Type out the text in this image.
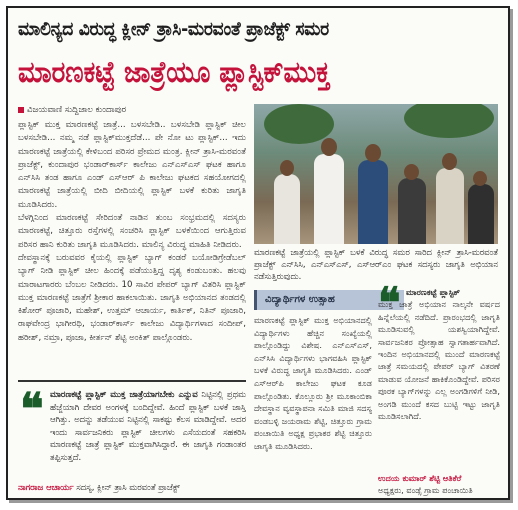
ಮಾಲಿನ್ಯದ ವಿರುದ್ಧ ಕ್ಲೀನ್ ತ್ರಾಸಿ-ಮರವಂತೆ ಪ್ರಾಜೆಕ್ಟ್ ಸಮರ
ಮಾರಣಕಟ್ಟೆ ಜಾತ್ರೆಯೂ ಪ್ಲಾಸ್ಟಿಕ್‌ಮುಕ್ತ
ವಿಜಯವಾಣಿ ಸುದ್ದಿಜಾಲ ಕುಂದಾಪುರ

ಪ್ಲಾಸ್ಟಿಕ್ ಮುಕ್ತ ಮಾರಣಕಟ್ಟೆ ಜಾತ್ರೆ... ಬಳಸಬೇಡಿ.. ಬಳಸಬೇಡಿ ಪ್ಲಾಸ್ಟಿಕ್ ಚೀಲ ಬಳಸಬೇಡಿ... ನಮ್ಮ ನಡೆ ಪ್ಲಾಸ್ಟಿಕ್‌ಮುಕ್ತದೆಡೆ... ಪೇ ನೋ ಟು ಪ್ಲಾಸ್ಟಿಕ್... ಇದು ಮಾರಣಕಟ್ಟೆ ಜಾತ್ರೆಯಲ್ಲಿ ಕೇಳಿಬಂದ ಪರಿಸರ ಪ್ರೇಮದ ಮಂತ್ರ. ಕ್ಲೀನ್ ತ್ರಾಸಿ-ಮರವಂತೆ ಪ್ರಾಜೆಕ್ಟ್, ಕುಂದಾಪುರ ಭಂಡಾರ್‌ಕಾರ್ಸ್ ಕಾಲೇಜು ಎನ್ಎಸ್ಎಸ್ ಘಟಕ ಹಾಗೂ ಎನ್‌ಸಿಸಿ ತಂಡ ಹಾಗೂ ಎಂಡ್ ಎಸ್ಆರ್ ಪಿ ಕಾಲೇಜು ಘಟಕದ ಸಹಯೋಗದಲ್ಲಿ ಮಾರಣಕಟ್ಟೆ ಜಾತ್ರೆಯಲ್ಲಿ ಬೀದಿ ಬೀದಿಯಲ್ಲಿ ಪ್ಲಾಸ್ಟಿಕ್ ಬಳಕೆ ಕುರಿತು ಜಾಗೃತಿ ಮೂಡಿಸಿದರು.

ಬೆಳಗ್ಗಿನಿಂದ ಮಾರಣಕಟ್ಟೆ ಸೇರಿದಂತೆ ನಾಡಿನ ತುಂಬ ಸಂಭ್ರಮದಲ್ಲಿ ಸದಸ್ಯರು ಮಾರಣಕಟ್ಟೆ, ಚಿತ್ತೂರು ರಸ್ತೆಗಳಲ್ಲಿ ಸಂಚರಿಸಿ ಪ್ಲಾಸ್ಟಿಕ್ ಬಳಕೆಯಿಂದ ಆಗುತ್ತಿರುವ ಪರಿಸರ ಹಾನಿ ಕುರಿತು ಜಾಗೃತಿ ಮೂಡಿಸಿದರು. ಮಾಲಿನ್ಯ ವಿರುದ್ಧ ಮಾಹಿತಿ ನೀಡಿದರು.

ದೇವಸ್ಥಾನಕ್ಕೆ ಬರುವವರ ಕೈಯಲ್ಲಿ ಪ್ಲಾಸ್ಟಿಕ್ ಬ್ಯಾಗ್ ಕಂಡರೆ ಬಯೋಡಿಗ್ರೇಡೆಬಲ್ ಬ್ಯಾಗ್ ನೀಡಿ ಪ್ಲಾಸ್ಟಿಕ್ ಚೀಲ ಹಿಂದಕ್ಕೆ ಪಡೆಯುತ್ತಿದ್ದ ದೃಶ್ಯ ಕಂಡುಬಂತು. ಹಲವು ಮಾರಾಟಗಾರರು ಬೆಂಬಲ ನೀಡಿದರು. 10 ಸಾವಿರ ಪೇಪರ್ ಬ್ಯಾಗ್ ವಿತರಿಸಿ ಪ್ಲಾಸ್ಟಿಕ್ ಮುಕ್ತ ಮಾರಣಕಟ್ಟೆ ಜಾತ್ರೆಗೆ ಶ್ರೀಕಾರ ಹಾಕಲಾಯಿತು. ಜಾಗೃತಿ ಅಭಿಯಾನದ ತಂಡದಲ್ಲಿ ಕಿಶೋರ್ ಪೂಜಾರಿ, ಮಹೇಶ್, ಉತ್ತಮ್ ಆಚಾರ್ಯ, ಕಾರ್ತಿಕ್, ನಿತಿನ್ ಪೂಜಾರಿ, ರಾಘವೇಂದ್ರ ಭಾಗೀರಥಿ, ಭಂಡಾರ್‌ಕಾರ್ಸ್ ಕಾಲೇಜು ವಿದ್ಯಾರ್ಥಿಗಳಾದ ಸಂದೀಪ್, ಹರೀಶ್, ನಮ್ರಾ, ಪೂಜಾ, ಕೀರ್ತನ್ ಶೆಟ್ಟಿ ಅಂಕಿತ್ ಪಾಲ್ಗೊಂಡರು.

ಮಾರಣಕಟ್ಟೆ ಜಾತ್ರೆಯಲ್ಲಿ ಪ್ಲಾಸ್ಟಿಕ್ ಬಳಕೆ ವಿರುದ್ಧ ಸಮರ ಸಾರಿದ ಕ್ಲೀನ್ ತ್ರಾಸಿ-ಮರವಂತೆ ಪ್ರಾಜೆಕ್ಟ್ ಎನ್‌ಸಿಸಿ, ಎನ್ಎಸ್ಎಸ್, ಎಸ್ಆರ್‌ಎಂ ಘಟಕ ಸದಸ್ಯರು ಜಾಗೃತಿ ಅಭಿಯಾನ ನಡೆಸುತ್ತಿರುವುದು.
ವಿದ್ಯಾರ್ಥಿಗಳ ಉತ್ಸಾಹ

ಮಾರಣಕಟ್ಟೆ ಪ್ಲಾಸ್ಟಿಕ್ ಮುಕ್ತ ಅಭಿಯಾನದಲ್ಲಿ ವಿದ್ಯಾರ್ಥಿಗಳು ಹೆಚ್ಚಿನ ಸಂಖ್ಯೆಯಲ್ಲಿ ಪಾಲ್ಗೊಂಡಿದ್ದು ವಿಶೇಷ. ಎನ್ಎಸ್ಎಸ್, ಎನ್‌ಸಿಸಿ ವಿದ್ಯಾರ್ಥಿಗಳು ಭಾಗವಹಿಸಿ ಪ್ಲಾಸ್ಟಿಕ್ ಬಳಕೆ ವಿರುದ್ಧ ಜಾಗೃತಿ ಮೂಡಿಸಿದರು. ಎಂಡ್ ಎಸ್ಆರ್‌ಪಿ ಕಾಲೇಜು ಘಟಕ ಕೂಡ ಪಾಲ್ಗೊಂಡಿತು. ಕೊಲ್ಲೂರು ಶ್ರೀ ಮೂಕಾಂಬಿಕಾ ದೇವಸ್ಥಾನ ವ್ಯವಸ್ಥಾಪನಾ ಸಮಿತಿ ಮಾಜಿ ಸದಸ್ಯ ವಂಡಬಳ್ಳಿ ಜಯರಾಮ ಶೆಟ್ಟಿ, ಚಿತ್ತೂರು ಗ್ರಾಮ ಪಂಚಾಯಿತಿ ಅಧ್ಯಕ್ಷ ಪ್ರಭಾಕರ ಶೆಟ್ಟಿ ಚಿತ್ತೂರು ಜಾಗೃತಿ ಮೂಡಿಸಿದರು.

❝ ಮಾರಣಕಟ್ಟೆ ಪ್ಲಾಸ್ಟಿಕ್ ಮುಕ್ತ ಜಾತ್ರೆಯಾಗಬೇಕು ಎನ್ನುವ ನಿಟ್ಟಿನಲ್ಲಿ ಪ್ರಥಮ ಹೆಜ್ಜೆಯಾಗಿ ದೇವರ ಅಂಗಳಕ್ಕೆ ಬಂದಿದ್ದೇವೆ. ಹಿಂದೆ ಪ್ಲಾಸ್ಟಿಕ್ ಬಳಕೆ ಜಾಸ್ತಿ ಆಗಿತ್ತು. ಅದನ್ನು ತಡೆಯುವ ನಿಟ್ಟಿನಲ್ಲಿ ಸಾಕಷ್ಟು ಕೆಲಸ ಮಾಡಿದ್ದೇವೆ. ಅದರ ಇಂದು ಸಾರ್ವಜನಿಕರು ಪ್ಲಾಸ್ಟಿಕ್ ಚೀಲಗಳು ಎಸೆಯದಂತೆ ಸಹಕರಿಸಿ ಮಾರಣಕಟ್ಟೆ ಜಾತ್ರೆ ಪ್ಲಾಸ್ಟಿಕ್ ಮುಕ್ತವಾಗಿಸಿದ್ದಾರೆ. ಈ ಜಾಗೃತಿ ಗಂಡಾಂತರ ತಪ್ಪಿಸುತ್ತದೆ.
ನಾಗರಾಜ ಆಚಾರ್ಯ ಸದಸ್ಯ, ಕ್ಲೀನ್ ತ್ರಾಸಿ ಮರವಂತೆ ಪ್ರಾಜೆಕ್ಟ್
❝ ಮಾರಣಕಟ್ಟೆ ಪ್ಲಾಸ್ಟಿಕ್

ಮುಕ್ತ ಜಾತ್ರೆ ಅಭಿಯಾನ ನಾಲ್ಕನೇ ವರ್ಷದ ಹಿನ್ನೆಲೆಯಲ್ಲಿ ನಡೆದಿದೆ. ಪ್ರಾರಂಭದಲ್ಲಿ ಜಾಗೃತಿ ಮೂಡಿಸುವಲ್ಲಿ ಯಶಸ್ವಿಯಾಗಿದ್ದೇವೆ. ಸಾರ್ವಜನಿಕರ ಪ್ರೋತ್ಸಾಹ ಸ್ವಾಗತಾರ್ಹವಾಗಿದೆ. ಇಂದಿನ ಅಭಿಯಾನದಲ್ಲಿ ಮುಂದೆ ಮಾರಣಕಟ್ಟೆ ಜಾತ್ರೆ ಸಮಯದಲ್ಲಿ ಪೇಪರ್ ಬ್ಯಾಗ್ ವಿತರಣೆ ಮಾಡುವ ಯೋಜನೆ ಹಾಕಿಕೊಂಡಿದ್ದೇವೆ. ಪರಿಸರ ಪೂರಕ ಬ್ಯಾಗ್‌ಗಳನ್ನು ಎಲ್ಲ ಅಂಗಡಿಗಳಿಗೆ ನೀಡಿ, ಅಂಗಡಿ ಮುಂದೆ ಕಸದ ಬುಟ್ಟಿ ಇಟ್ಟು ಜಾಗೃತಿ ಮೂಡಿಸಲಾಗಿದೆ.

ಉದಯ ಕುಮಾರ್ ಶೆಟ್ಟಿ ಆತಿಕೆರೆ
ಅಧ್ಯಕ್ಷರು, ವಂಡ್ಸೆ ಗ್ರಾಮ ಪಂಚಾಯಿತಿ
